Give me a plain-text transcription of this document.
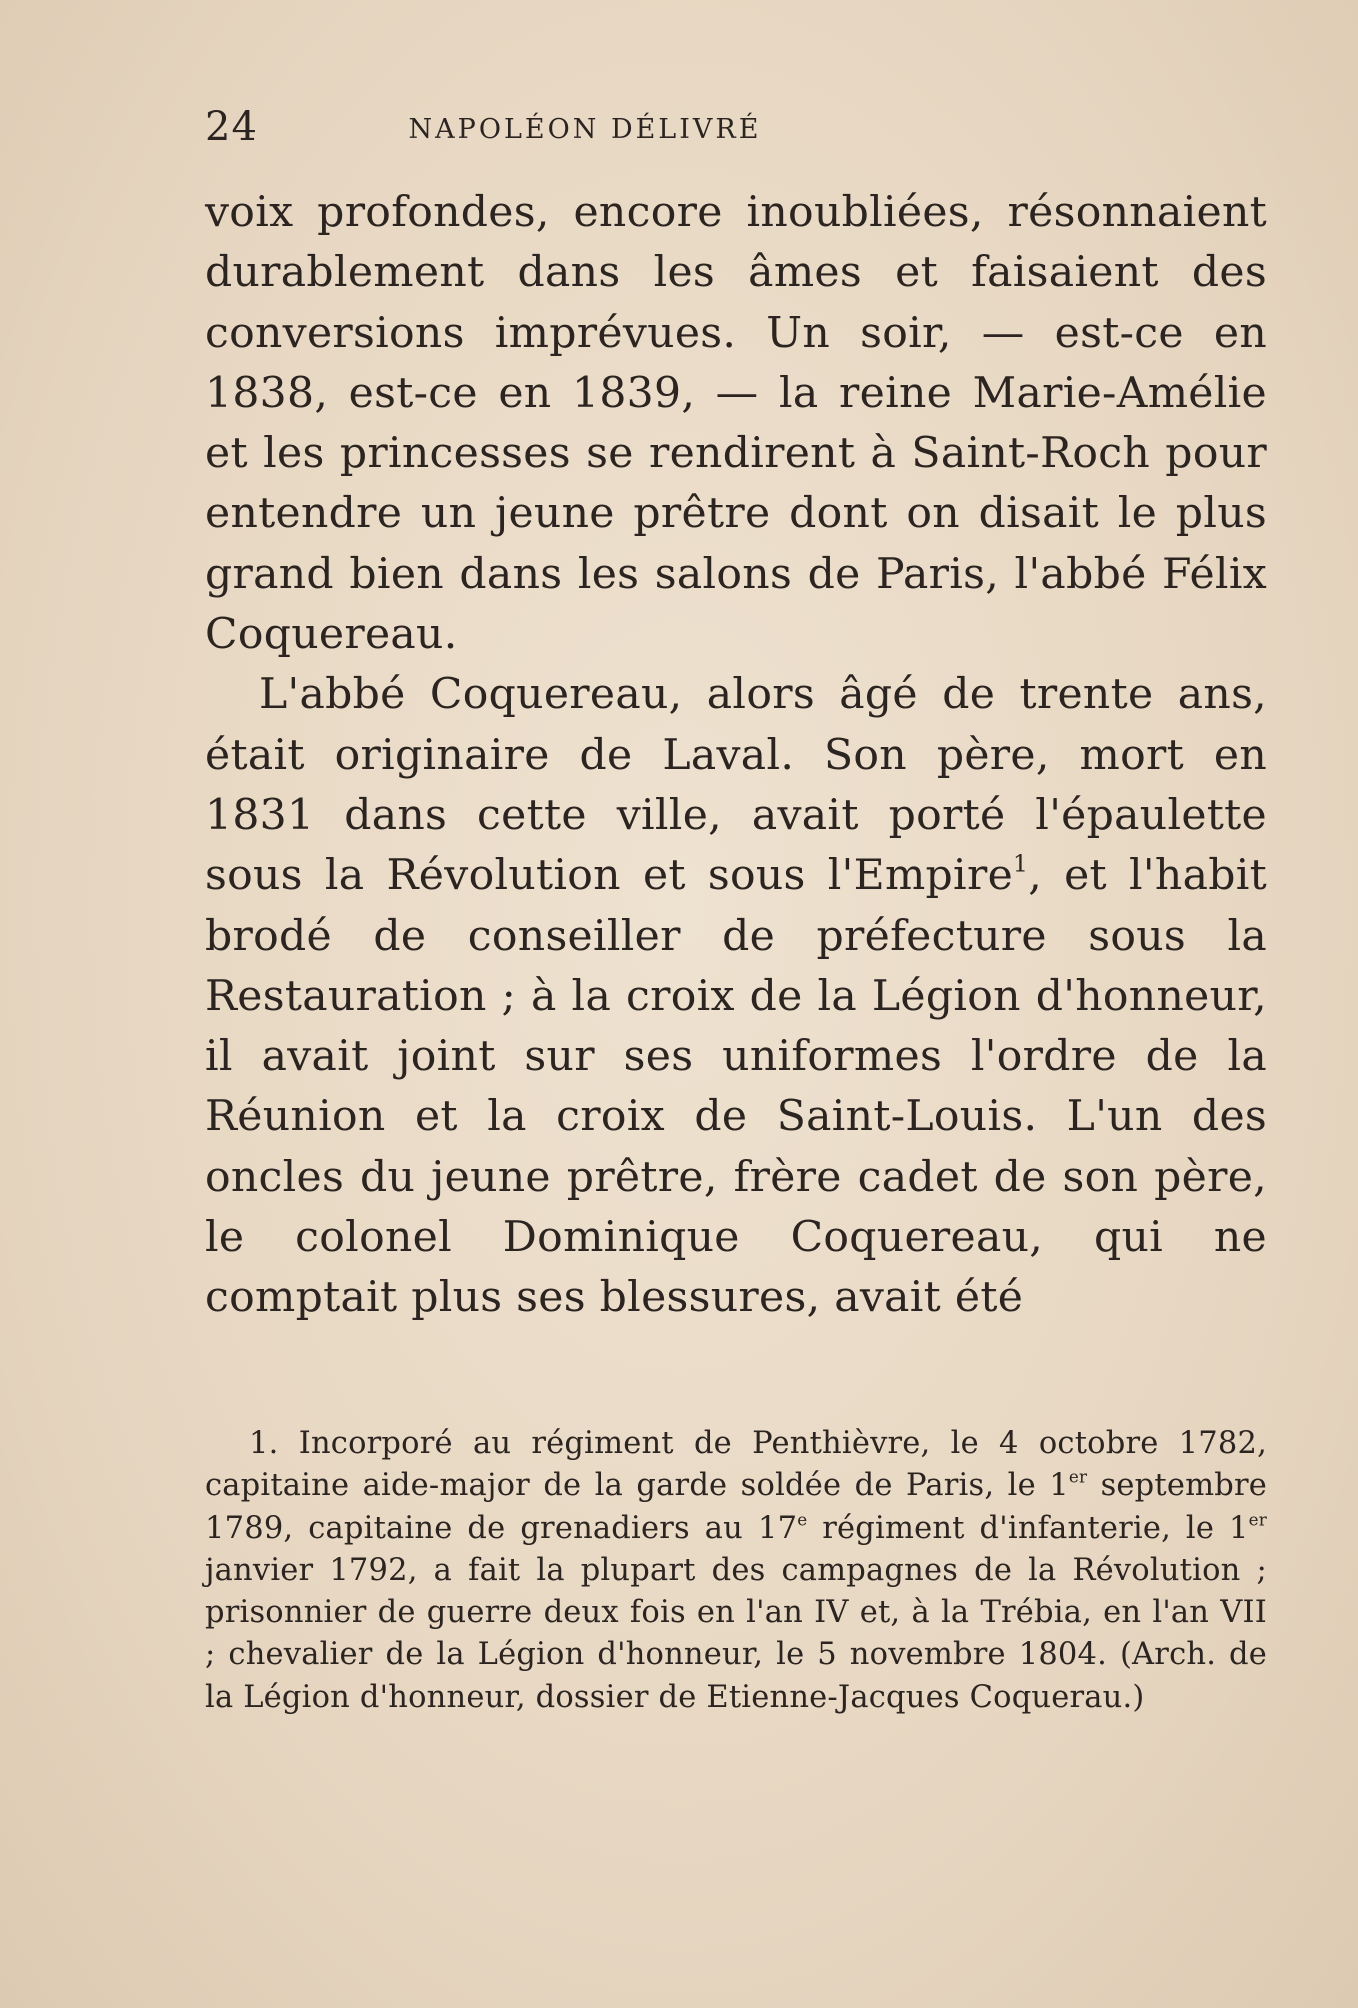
24	NAPOLÉON DÉLIVRÉ

voix profondes, encore inoubliées, résonnaient durablement dans les âmes et faisaient des conversions imprévues. Un soir, — est-ce en 1838, est-ce en 1839, — la reine Marie-Amélie et les princesses se rendirent à Saint-Roch pour entendre un jeune prêtre dont on disait le plus grand bien dans les salons de Paris, l'abbé Félix Coquereau.

L'abbé Coquereau, alors âgé de trente ans, était originaire de Laval. Son père, mort en 1831 dans cette ville, avait porté l'épaulette sous la Révolution et sous l'Empire$^1$, et l'habit brodé de conseiller de préfecture sous la Restauration ; à la croix de la Légion d'honneur, il avait joint sur ses uniformes l'ordre de la Réunion et la croix de Saint-Louis. L'un des oncles du jeune prêtre, frère cadet de son père, le colonel Dominique Coquereau, qui ne comptait plus ses blessures, avait été

1. Incorporé au régiment de Penthièvre, le 4 octobre 1782, capitaine aide-major de la garde soldée de Paris, le 1er septembre 1789, capitaine de grenadiers au 17e régiment d'infanterie, le 1er janvier 1792, a fait la plupart des campagnes de la Révolution ; prisonnier de guerre deux fois en l'an IV et, à la Trébia, en l'an VII ; chevalier de la Légion d'honneur, le 5 novembre 1804. (Arch. de la Légion d'honneur, dossier de Etienne-Jacques Coquerau.)
